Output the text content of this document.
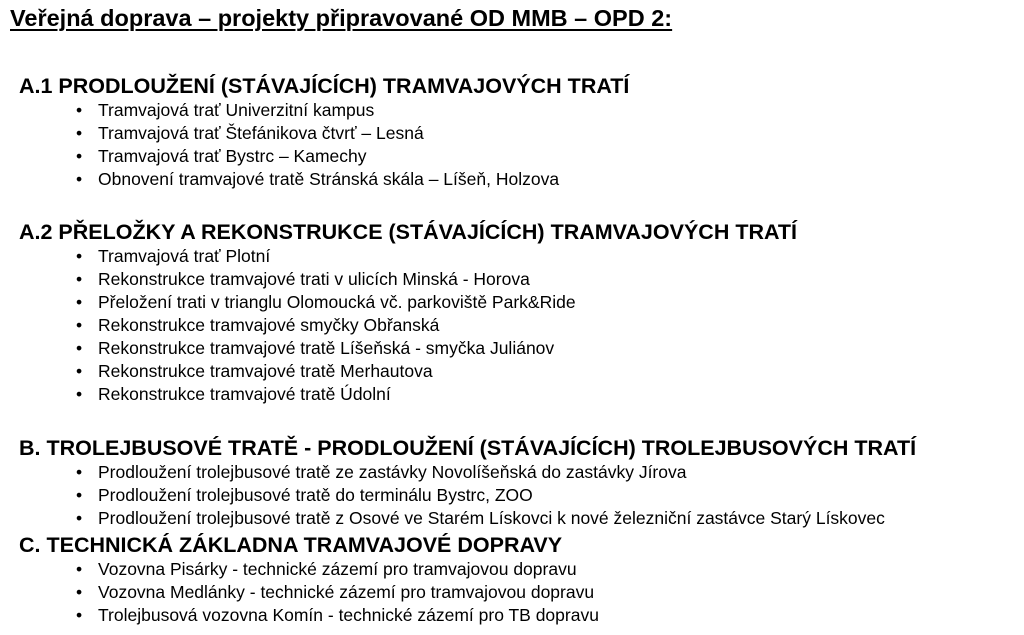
Veřejná doprava – projekty připravované OD MMB – OPD 2:
A.1 PRODLOUŽENÍ (STÁVAJÍCÍCH) TRAMVAJOVÝCH TRATÍ
• Tramvajová trať Univerzitní kampus
• Tramvajová trať Štefánikova čtvrť – Lesná
• Tramvajová trať Bystrc – Kamechy
• Obnovení tramvajové tratě Stránská skála – Líšeň, Holzova
A.2 PŘELOŽKY A REKONSTRUKCE (STÁVAJÍCÍCH) TRAMVAJOVÝCH TRATÍ
• Tramvajová trať Plotní
• Rekonstrukce tramvajové trati v ulicích Minská - Horova
• Přeložení trati v trianglu Olomoucká vč. parkoviště Park&Ride
• Rekonstrukce tramvajové smyčky Obřanská
• Rekonstrukce tramvajové tratě Líšeňská - smyčka Juliánov
• Rekonstrukce tramvajové tratě Merhautova
• Rekonstrukce tramvajové tratě Údolní
B. TROLEJBUSOVÉ TRATĚ - PRODLOUŽENÍ (STÁVAJÍCÍCH) TROLEJBUSOVÝCH TRATÍ
• Prodloužení trolejbusové tratě ze zastávky Novolíšeňská do zastávky Jírova
• Prodloužení trolejbusové tratě do terminálu Bystrc, ZOO
• Prodloužení trolejbusové tratě z Osové ve Starém Lískovci k nové železniční zastávce Starý Lískovec
C. TECHNICKÁ ZÁKLADNA TRAMVAJOVÉ DOPRAVY
• Vozovna Pisárky - technické zázemí pro tramvajovou dopravu
• Vozovna Medlánky - technické zázemí pro tramvajovou dopravu
• Trolejbusová vozovna Komín - technické zázemí pro TB dopravu
